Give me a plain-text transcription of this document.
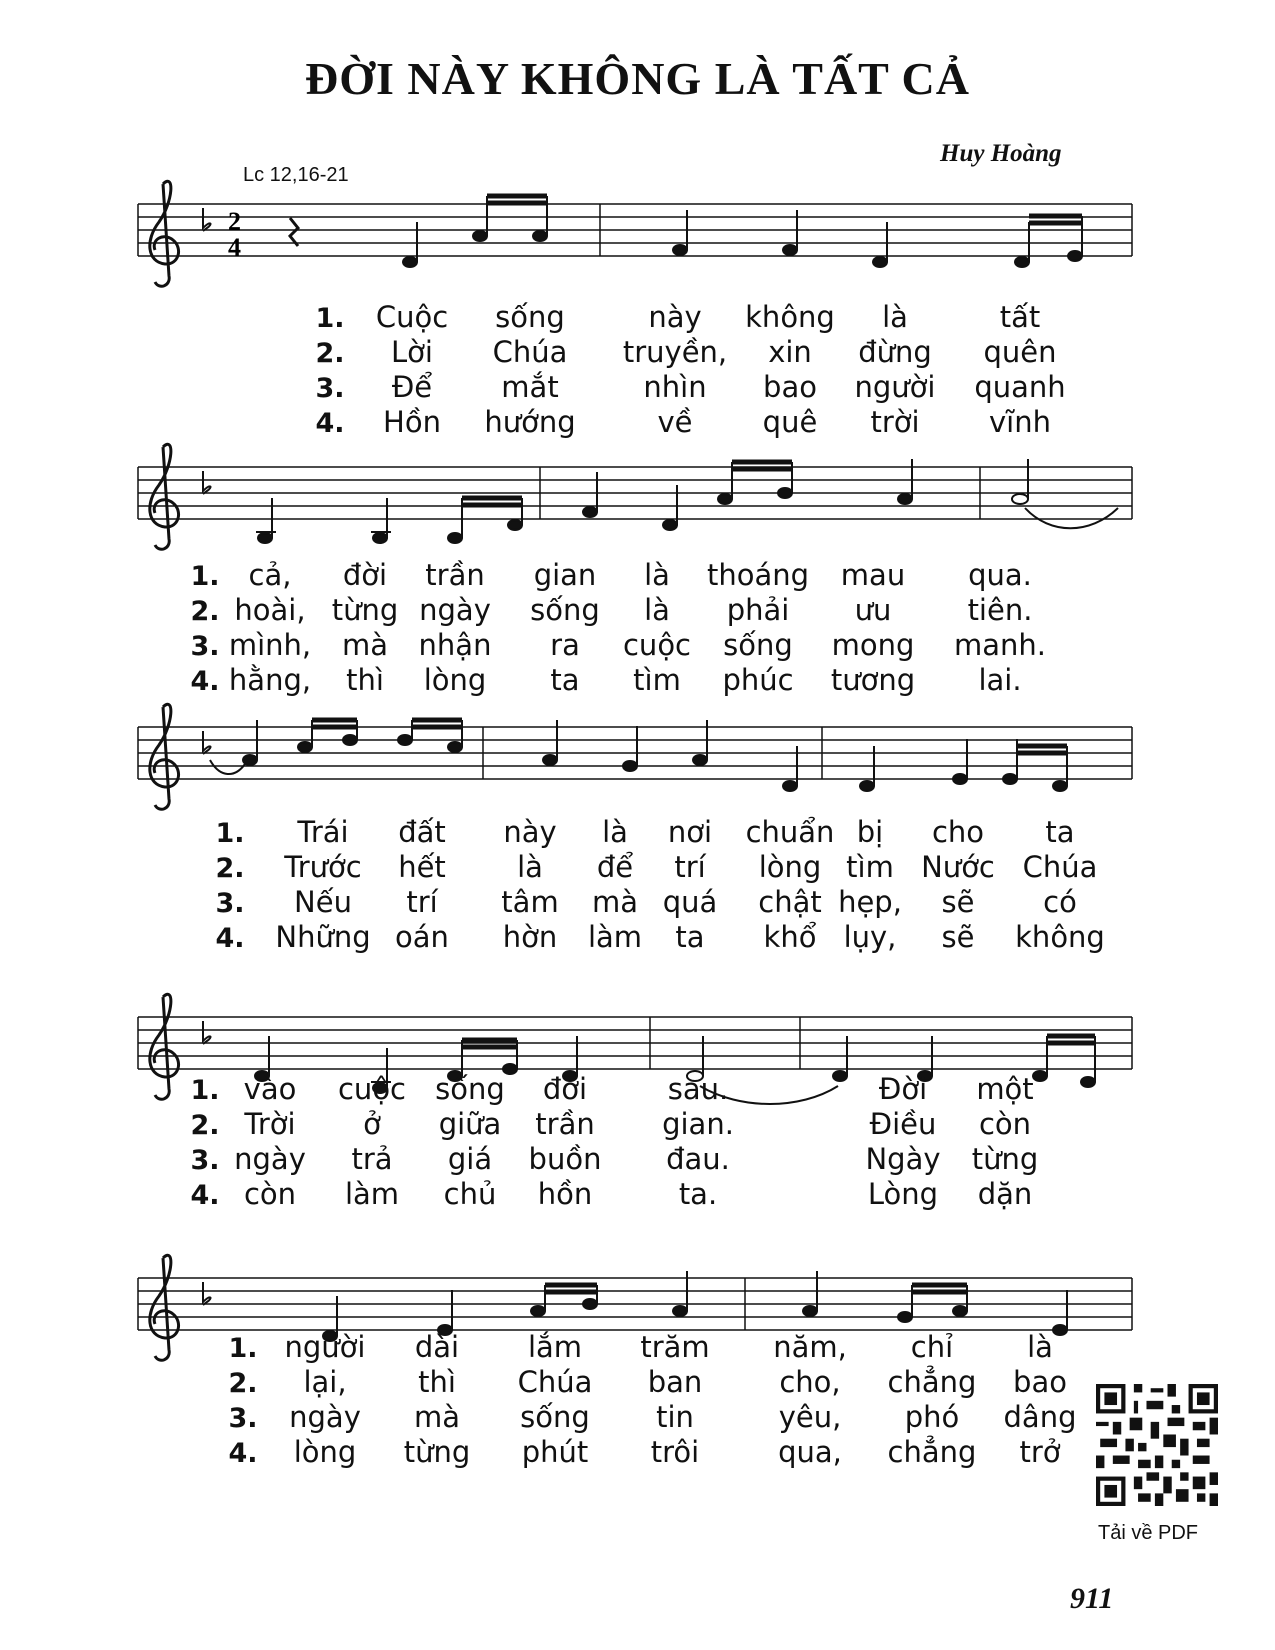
ĐỜI NÀY KHÔNG LÀ TẤT CẢ
Huy Hoàng
Lc 12,16-21
2
4
1.
2.
3.
4.
Cuộc sống	này không là	tất
Lời Chúa truyền, xin đừng quên
Để mắt	nhìn bao người quanh
Hồn hướng	về quê trời vĩnh
1.
2.
3.
4.
cả, đời trần gian là thoáng mau qua.
hoài, từng ngày sống là phải ưu	tiên.
mình, mà nhận ra cuộc sống mong manh.
hằng, thì lòng ta tìm phúc tương lai.
1.
2.
3.
4.
Trái đất này là nơi chuẩn bị cho ta
Trước hết là để trí lòng tìm Nước Chúa
Nếu trí tâm mà quá chật hẹp, sẽ có
Những oán hờn làm ta khổ lụy, sẽ không
1.
2.
3.
4.
vào cuộc sống đời	sau.	Đời một
Trời ở giữa trần gian.	Điều còn
ngày trả giá buồn đau.	Ngày từng
còn làm chủ hồn	ta.	Lòng dặn
1.
2.
3.
4.
người dài lắm trăm năm, chỉ	là
lại, thì Chúa ban	cho, chẳng bao
ngày mà sống tin	yêu, phó dâng
lòng từng phút trôi	qua, chẳng trở
Tải về PDF
911
